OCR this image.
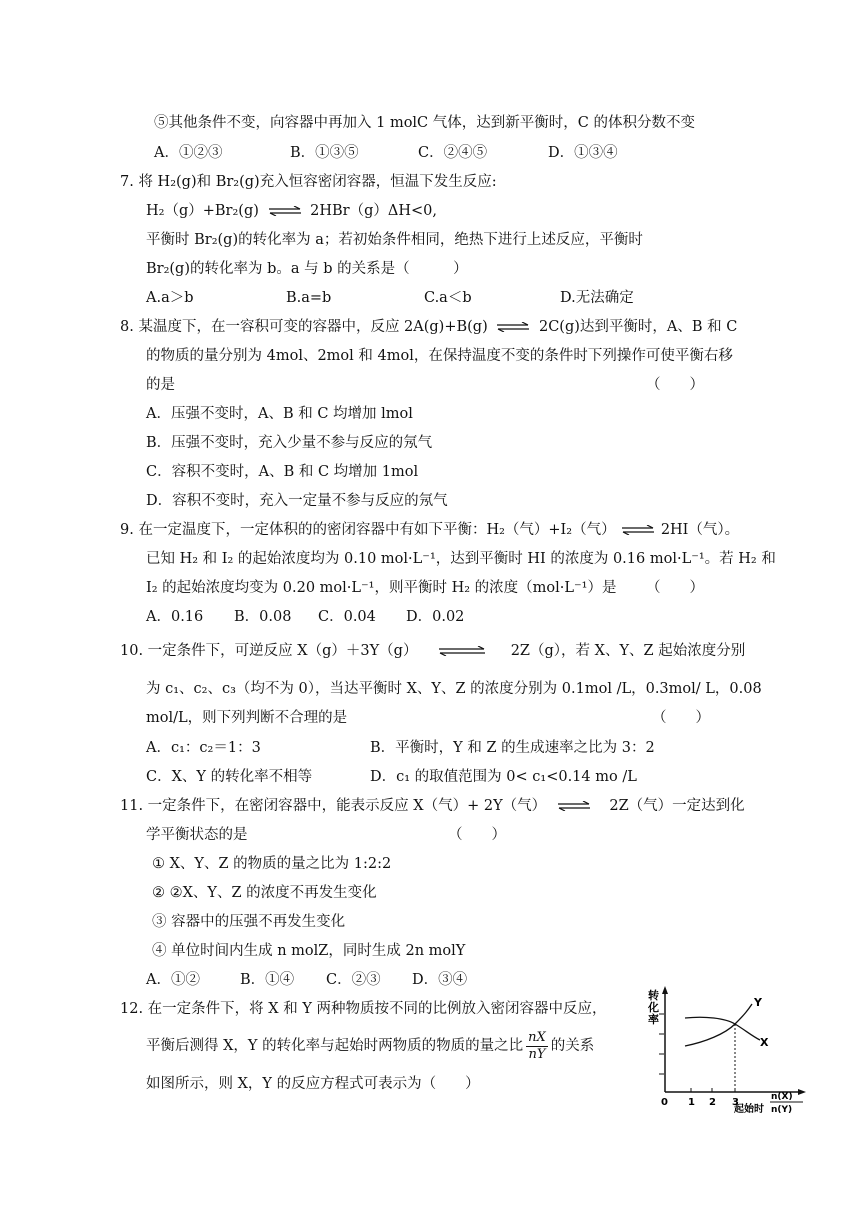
⑤其他条件不变，向容器中再加入 1 molC 气体，达到新平衡时，C 的体积分数不变
A．①②③	B．①③⑤	C．②④⑤	D．①③④
7. 将 H₂(g)和 Br₂(g)充入恒容密闭容器，恒温下发生反应:
H₂（g）+Br₂(g) ⇌ 2HBr（g）ΔH<0,
平衡时 Br₂(g)的转化率为 a；若初始条件相同，绝热下进行上述反应，平衡时
Br₂(g)的转化率为 b。a 与 b 的关系是（　　　）
A.a＞b	B.a=b	C.a＜b	D.无法确定
8. 某温度下，在一容积可变的容器中，反应 2A(g)+B(g) ⇌ 2C(g)达到平衡时，A、B 和 C
的物质的量分别为 4mol、2mol 和 4mol，在保持温度不变的条件时下列操作可使平衡右移
的是	（　　）
A．压强不变时，A、B 和 C 均增加 lmol
B．压强不变时，充入少量不参与反应的氖气
C．容积不变时，A、B 和 C 均增加 1mol
D．容积不变时，充入一定量不参与反应的氖气
9. 在一定温度下，一定体积的的密闭容器中有如下平衡：H₂（气）+I₂（气） ⇌ 2HI（气）。
已知 H₂ 和 I₂ 的起始浓度均为 0.10 mol·L⁻¹，达到平衡时 HI 的浓度为 0.16 mol·L⁻¹。若 H₂ 和
I₂ 的起始浓度均变为 0.20 mol·L⁻¹，则平衡时 H₂ 的浓度（mol·L⁻¹）是 （　　）
A．0.16 B．0.08 C．0.04 D．0.02
10. 一定条件下，可逆反应 X（g）＋3Y（g） ⇌ 2Z（g），若 X、Y、Z 起始浓度分别
为 c₁、c₂、c₃（均不为 0），当达平衡时 X、Y、Z 的浓度分别为 0.1mol /L，0.3mol/ L，0.08
mol/L，则下列判断不合理的是	（　　）
A．c₁：c₂＝1：3	B．平衡时，Y 和 Z 的生成速率之比为 3：2
C．X、Y 的转化率不相等	D．c₁ 的取值范围为 0< c₁<0.14 mo /L
11. 一定条件下，在密闭容器中，能表示反应 X（气）+ 2Y（气） ⇌ 2Z（气）一定达到化
学平衡状态的是	（　　）
① X、Y、Z 的物质的量之比为 1:2:2
② ②X、Y、Z 的浓度不再发生变化
③ 容器中的压强不再发生变化
④ 单位时间内生成 n molZ，同时生成 2n molY
A．①②	B．①④ C．②③ D．③④
12. 在一定条件下，将 X 和 Y 两种物质按不同的比例放入密闭容器中反应，
平衡后测得 X，Y 的转化率与起始时两物质的物质的量之比 $\frac{nX}{nY}$ 的关系
如图所示，则 X，Y 的反应方程式可表示为（　　）
转
化
率
0 1 2 3
Y
X
n(X)
起始时 n(Y)
